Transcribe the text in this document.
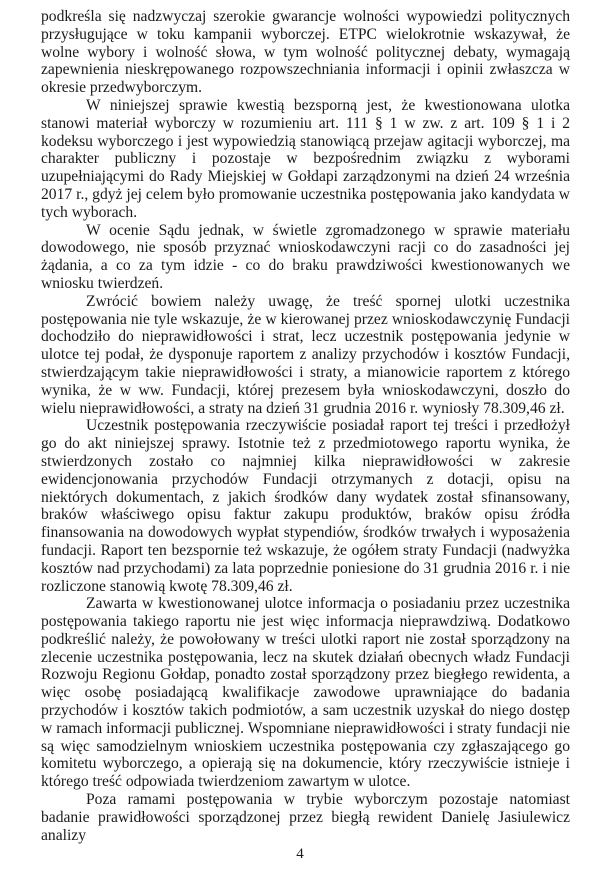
podkreśla się nadzwyczaj szerokie gwarancje wolności wypowiedzi politycznych przysługujące w toku kampanii wyborczej. ETPC wielokrotnie wskazywał, że wolne wybory i wolność słowa, w tym wolność politycznej debaty, wymagają zapewnienia nieskrępowanego rozpowszechniania informacji i opinii zwłaszcza w okresie przedwyborczym.

W niniejszej sprawie kwestią bezsporną jest, że kwestionowana ulotka stanowi materiał wyborczy w rozumieniu art. 111 § 1 w zw. z art. 109 § 1 i 2 kodeksu wyborczego i jest wypowiedzią stanowiącą przejaw agitacji wyborczej, ma charakter publiczny i pozostaje w bezpośrednim związku z wyborami uzupełniającymi do Rady Miejskiej w Gołdapi zarządzonymi na dzień 24 września 2017 r., gdyż jej celem było promowanie uczestnika postępowania jako kandydata w tych wyborach.

W ocenie Sądu jednak, w świetle zgromadzonego w sprawie materiału dowodowego, nie sposób przyznać wnioskodawczyni racji co do zasadności jej żądania, a co za tym idzie - co do braku prawdziwości kwestionowanych we wniosku twierdzeń.

Zwrócić bowiem należy uwagę, że treść spornej ulotki uczestnika postępowania nie tyle wskazuje, że w kierowanej przez wnioskodawczynię Fundacji dochodziło do nieprawidłowości i strat, lecz uczestnik postępowania jedynie w ulotce tej podał, że dysponuje raportem z analizy przychodów i kosztów Fundacji, stwierdzającym takie nieprawidłowości i straty, a mianowicie raportem z którego wynika, że w ww. Fundacji, której prezesem była wnioskodawczyni, doszło do wielu nieprawidłowości, a straty na dzień 31 grudnia 2016 r. wyniosły 78.309,46 zł.

Uczestnik postępowania rzeczywiście posiadał raport tej treści i przedłożył go do akt niniejszej sprawy. Istotnie też z przedmiotowego raportu wynika, że stwierdzonych zostało co najmniej kilka nieprawidłowości w zakresie ewidencjonowania przychodów Fundacji otrzymanych z dotacji, opisu na niektórych dokumentach, z jakich środków dany wydatek został sfinansowany, braków właściwego opisu faktur zakupu produktów, braków opisu źródła finansowania na dowodowych wypłat stypendiów, środków trwałych i wyposażenia fundacji. Raport ten bezspornie też wskazuje, że ogółem straty Fundacji (nadwyżka kosztów nad przychodami) za lata poprzednie poniesione do 31 grudnia 2016 r. i nie rozliczone stanowią kwotę 78.309,46 zł.

Zawarta w kwestionowanej ulotce informacja o posiadaniu przez uczestnika postępowania takiego raportu nie jest więc informacja nieprawdziwą. Dodatkowo podkreślić należy, że powołowany w treści ulotki raport nie został sporządzony na zlecenie uczestnika postępowania, lecz na skutek działań obecnych władz Fundacji Rozwoju Regionu Gołdap, ponadto został sporządzony przez biegłego rewidenta, a więc osobę posiadającą kwalifikacje zawodowe uprawniające do badania przychodów i kosztów takich podmiotów, a sam uczestnik uzyskał do niego dostęp w ramach informacji publicznej. Wspomniane nieprawidłowości i straty fundacji nie są więc samodzielnym wnioskiem uczestnika postępowania czy zgłaszającego go komitetu wyborczego, a opierają się na dokumencie, który rzeczywiście istnieje i którego treść odpowiada twierdzeniom zawartym w ulotce.

Poza ramami postępowania w trybie wyborczym pozostaje natomiast badanie prawidłowości sporządzonej przez biegłą rewident Danielę Jasiulewicz analizy

4
